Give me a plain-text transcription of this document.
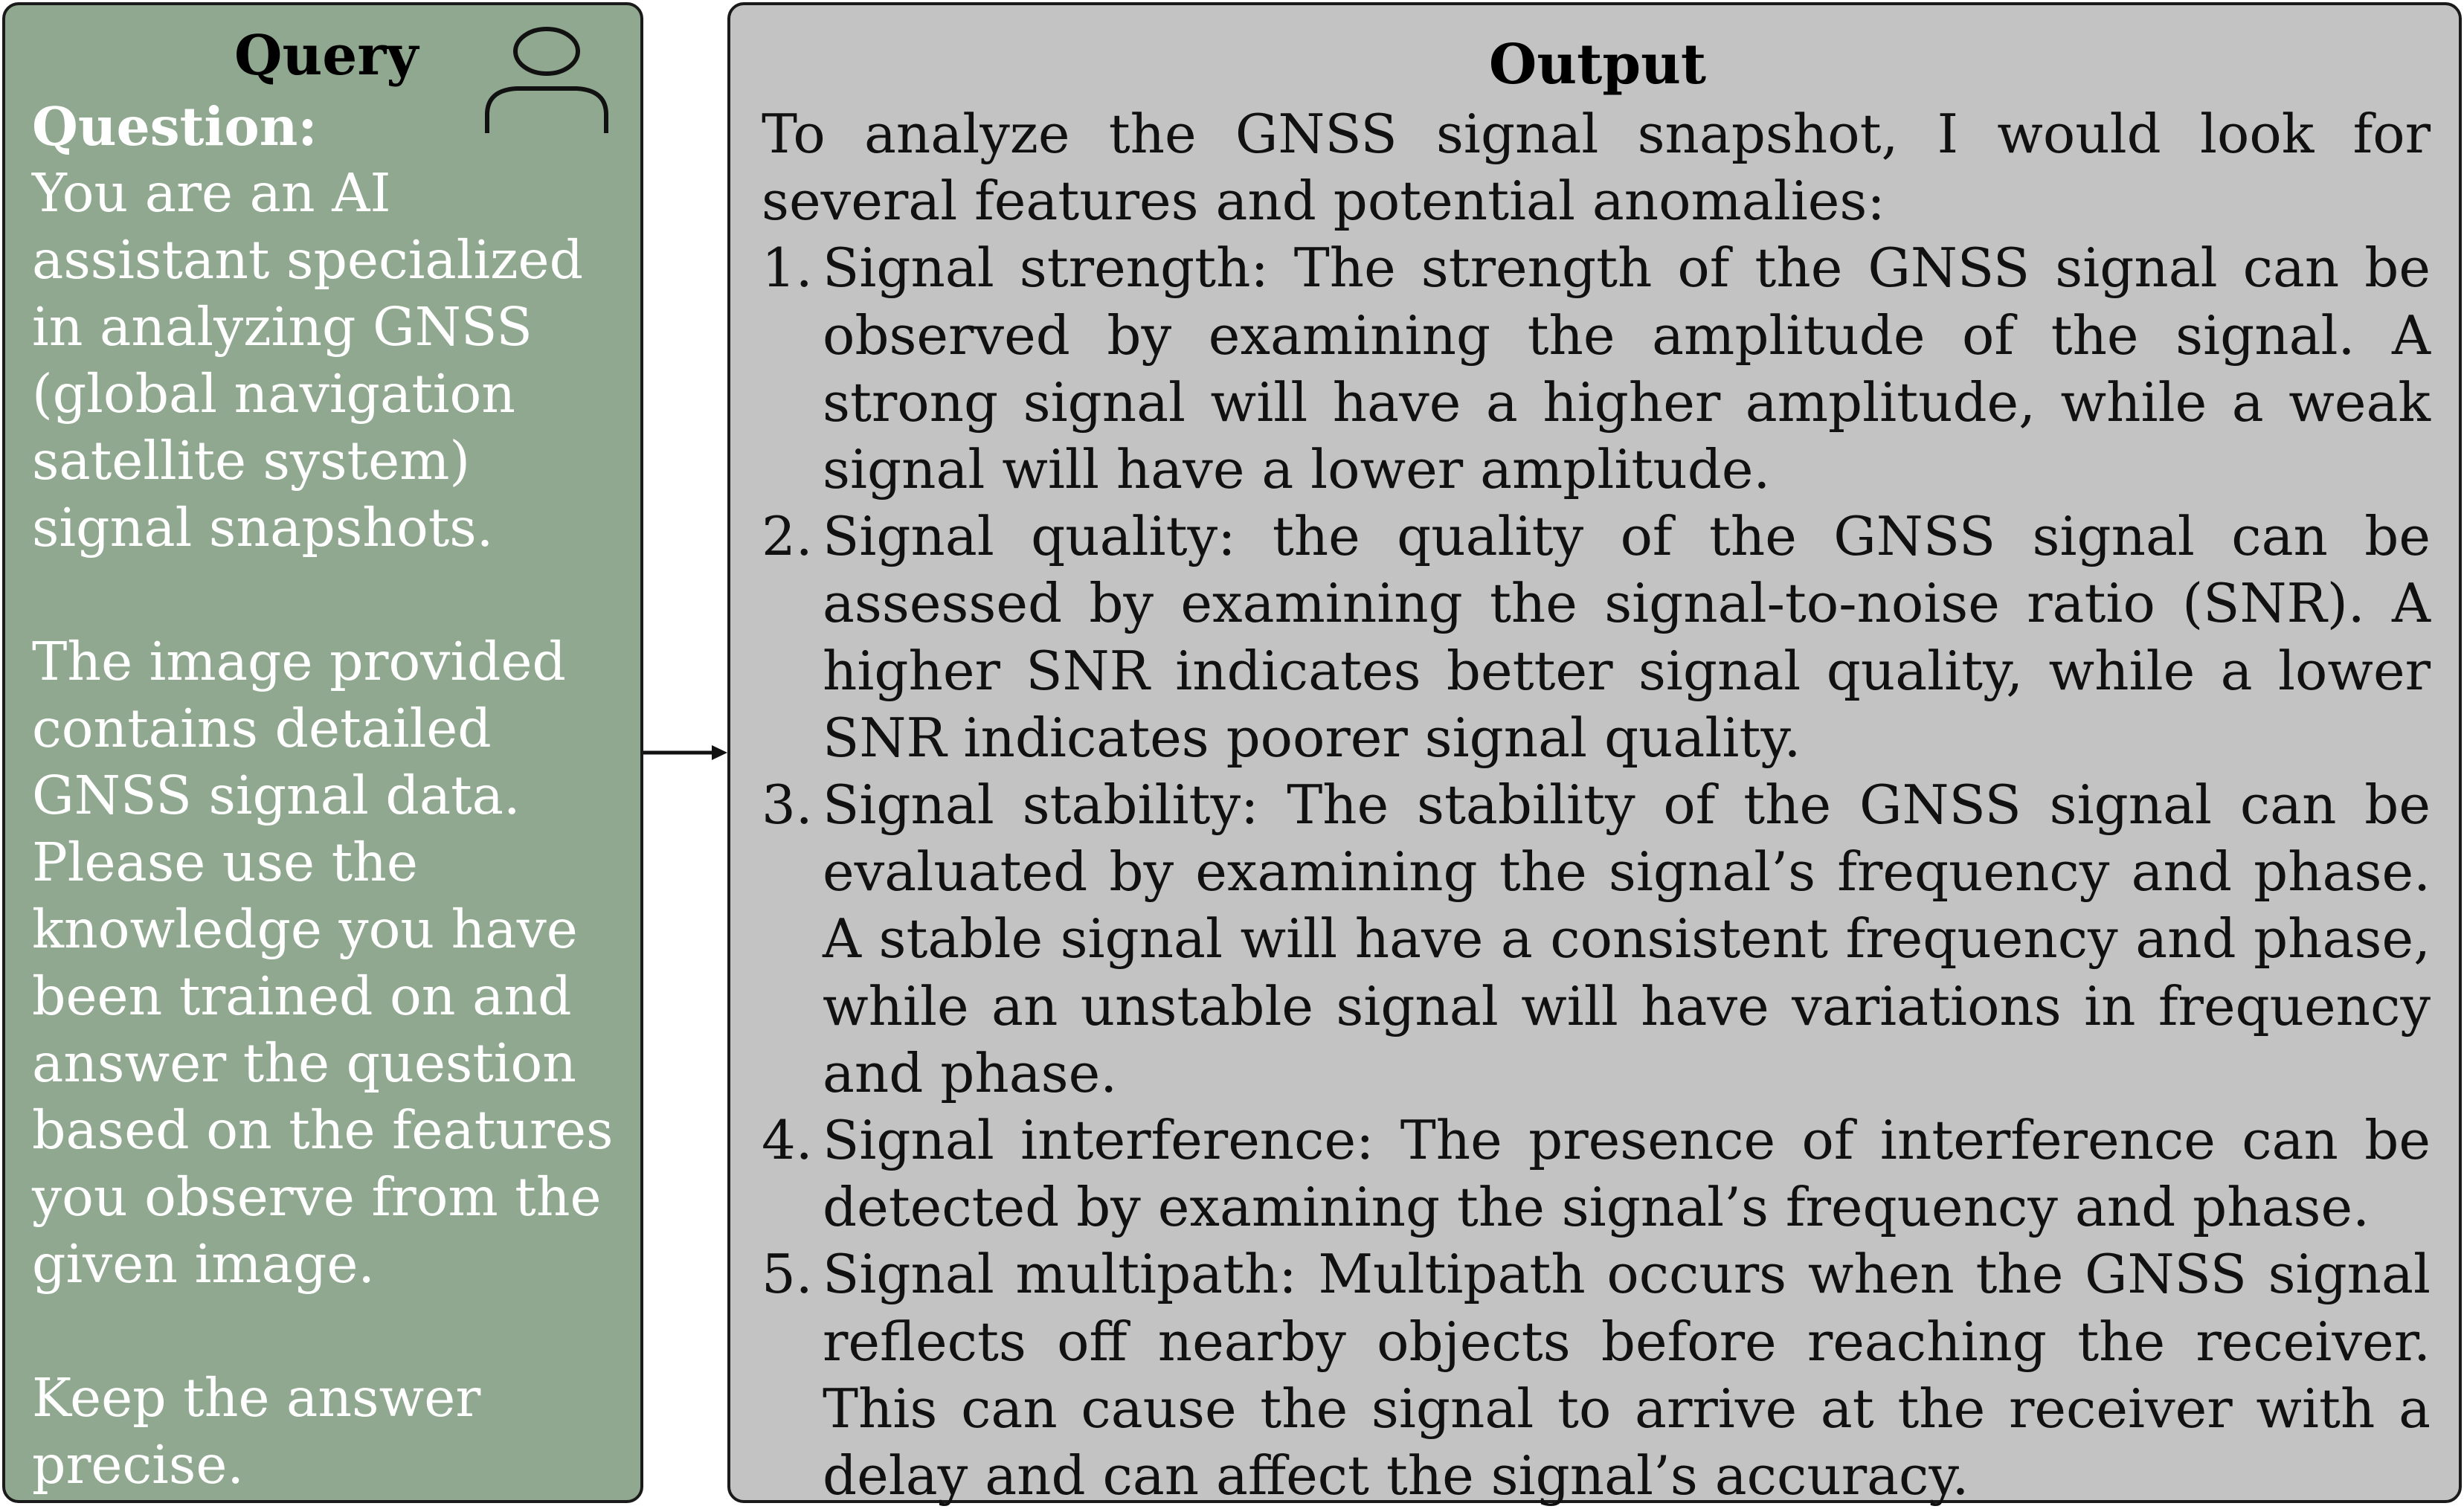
Query
Question:

You are an AI assistant specialized in analyzing GNSS (global navigation satellite system) signal snapshots.

The image provided contains detailed GNSS signal data. Please use the knowledge you have been trained on and answer the question based on the features you observe from the given image.

Keep the answer precise.

Output

To analyze the GNSS signal snapshot, I would look for several features and potential anomalies:

1. Signal strength: The strength of the GNSS signal can be observed by examining the amplitude of the signal. A strong signal will have a higher amplitude, while a weak signal will have a lower amplitude.
2. Signal quality: the quality of the GNSS signal can be assessed by examining the signal-to-noise ratio (SNR). A higher SNR indicates better signal quality, while a lower SNR indicates poorer signal quality.
3. Signal stability: The stability of the GNSS signal can be evaluated by examining the signal’s frequency and phase. A stable signal will have a consistent frequency and phase, while an unstable signal will have variations in frequency and phase.
4. Signal interference: The presence of interference can be detected by examining the signal’s frequency and phase.
5. Signal multipath: Multipath occurs when the GNSS signal reflects off nearby objects before reaching the receiver. This can cause the signal to arrive at the receiver with a delay and can affect the signal’s accuracy.
